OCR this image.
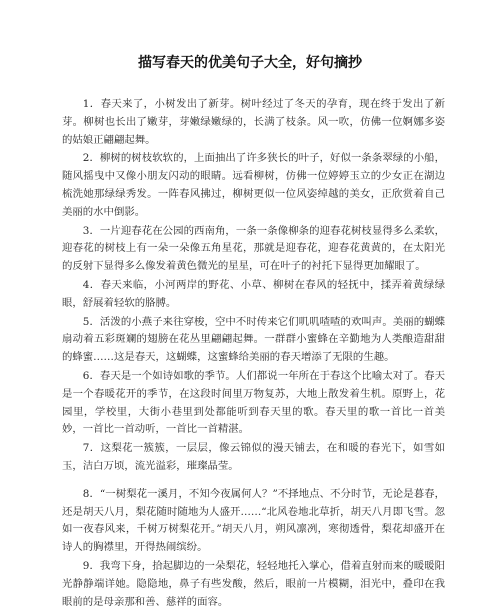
描写春天的优美句子大全，好句摘抄

1．春天来了，小树发出了新芽。树叶经过了冬天的孕育，现在终于发出了新芽。柳树也长出了嫩芽，芽嫩绿嫩绿的，长满了枝条。风一吹，仿佛一位婀娜多姿的姑娘正翩翩起舞。

2．柳树的树枝软软的，上面抽出了许多狭长的叶子，好似一条条翠绿的小船，随风摇曳中又像小朋友闪动的眼睛。远看柳树，仿佛一位婷婷玉立的少女正在湖边梳洗她那绿绿秀发。一阵春风拂过，柳树更似一位风姿绰越的美女，正欣赏着自己美丽的水中倒影。

3．一片迎春花在公园的西南角，一条一条像柳条的迎春花树枝显得多么柔软，迎春花的树枝上有一朵一朵像五角星花，那就是迎春花，迎春花黄黄的，在太阳光的反射下显得多么像发着黄色微光的星星，可在叶子的衬托下显得更加耀眼了。

4．春天来临，小河两岸的野花、小草、柳树在春风的轻抚中，揉弄着黄绿绿眼，舒展着轻软的胳膊。

5．活泼的小燕子来往穿梭，空中不时传来它们叽叽喳喳的欢叫声。美丽的蝴蝶扇动着五彩斑斓的翅膀在花丛里翩翩起舞。一群群小蜜蜂在辛勤地为人类酿造甜甜的蜂蜜……这是春天，这蝴蝶，这蜜蜂给美丽的春天增添了无限的生趣。

6．春天是一个如诗如歌的季节。人们都说一年所在于春这个比喻太对了。春天是一个春暖花开的季节，在这段时间里万物复苏，大地上散发着生机。原野上，花园里，学校里，大街小巷里到处都能听到春天里的歌。春天里的歌一首比一首美妙，一首比一首动听，一首比一首精湛。

7．这梨花一簇簇，一层层，像云锦似的漫天铺去，在和暖的春光下，如雪如玉，洁白万顷，流光溢彩，璀璨晶莹。

8．“一树梨花一溪月，不知今夜属何人？”不择地点、不分时节，无论是暮春，还是胡天八月，梨花随时随地为人盛开……“北风卷地北草折，胡天八月即飞雪。忽如一夜春风来，千树万树梨花开。”胡天八月，朔风凛冽，寒彻透骨，梨花却盛开在诗人的胸襟里，开得热闹缤纷。

9．我弯下身，拾起脚边的一朵梨花，轻轻地托入掌心，借着直射而来的暖暖阳光静静端详她。隐隐地，鼻子有些发酸，然后，眼前一片模糊，泪光中，叠印在我眼前的是母亲那和善、慈祥的面容。
